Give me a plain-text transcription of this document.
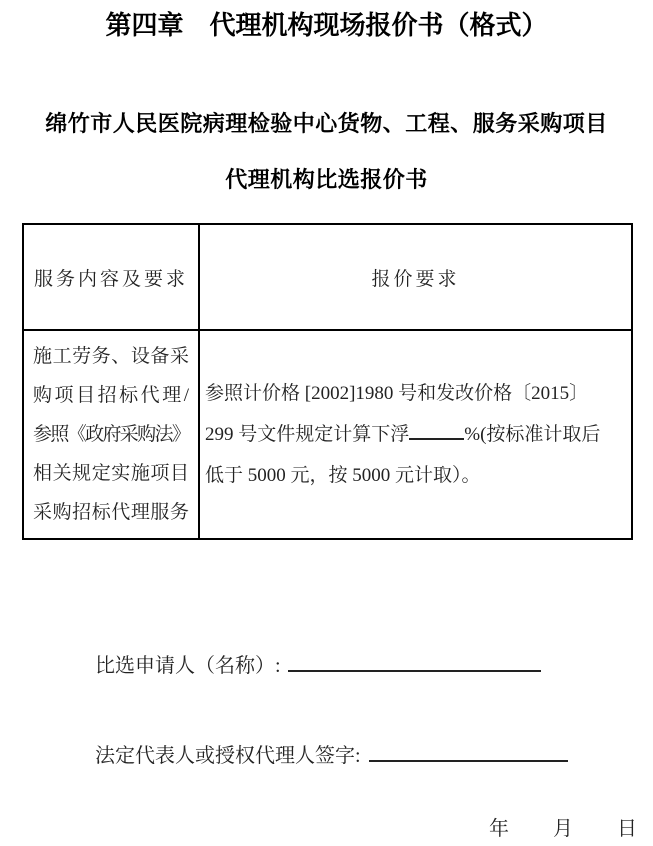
第四章　代理机构现场报价书（格式）
绵竹市人民医院病理检验中心货物、工程、服务采购项目
代理机构比选报价书
服务内容及要求	报价要求
施工劳务、设备采
购项目招标代理/
参照《政府采购法》
相关规定实施项目
采购招标代理服务
参照计价格 [2002]1980 号和发改价格〔2015〕
299 号文件规定计算下浮	%(按标准计取后
低于 5000 元，按 5000 元计取）。
比选申请人（名称）:
法定代表人或授权代理人签字:
年 月 日
